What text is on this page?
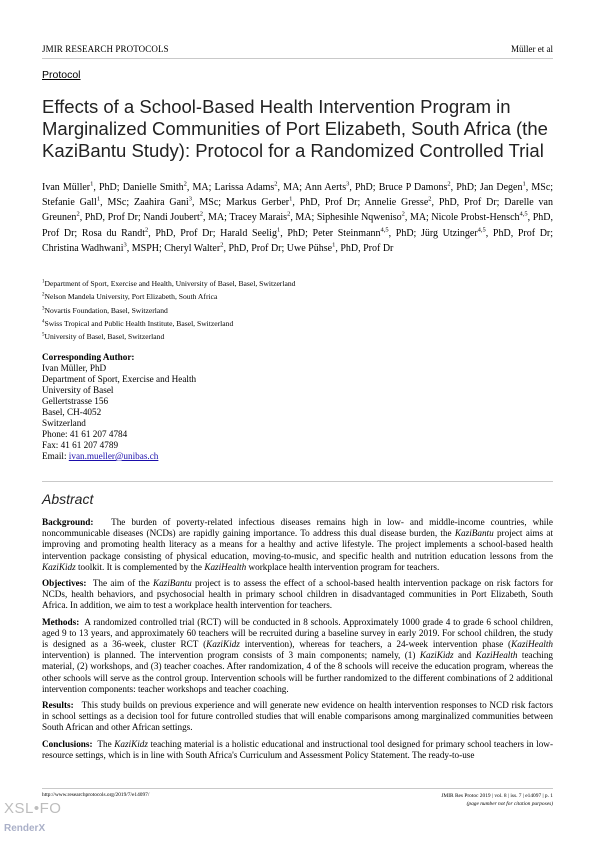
JMIR RESEARCH PROTOCOLS	Müller et al
Protocol
Effects of a School-Based Health Intervention Program in Marginalized Communities of Port Elizabeth, South Africa (the KaziBantu Study): Protocol for a Randomized Controlled Trial
Ivan Müller$^1$, PhD; Danielle Smith$^2$, MA; Larissa Adams$^2$, MA; Ann Aerts$^3$, PhD; Bruce P Damons$^2$, PhD; Jan Degen$^1$, MSc; Stefanie Gall$^1$, MSc; Zaahira Gani$^3$, MSc; Markus Gerber$^1$, PhD, Prof Dr; Annelie Gresse$^2$, PhD, Prof Dr; Darelle van Greunen$^2$, PhD, Prof Dr; Nandi Joubert$^2$, MA; Tracey Marais$^2$, MA; Siphesihle Nqweniso$^2$, MA; Nicole Probst-Hensch$^{4,5}$, PhD, Prof Dr; Rosa du Randt$^2$, PhD, Prof Dr; Harald Seelig$^1$, PhD; Peter Steinmann$^{4,5}$, PhD; Jürg Utzinger$^{4,5}$, PhD, Prof Dr; Christina Wadhwani$^3$, MSPH; Cheryl Walter$^2$, PhD, Prof Dr; Uwe Pühse$^1$, PhD, Prof Dr
$^1$Department of Sport, Exercise and Health, University of Basel, Basel, Switzerland
$^2$Nelson Mandela University, Port Elizabeth, South Africa
$^3$Novartis Foundation, Basel, Switzerland
$^4$Swiss Tropical and Public Health Institute, Basel, Switzerland
$^5$University of Basel, Basel, Switzerland
Corresponding Author:
Ivan Müller, PhD
Department of Sport, Exercise and Health
University of Basel
Gellertstrasse 156
Basel, CH-4052
Switzerland
Phone: 41 61 207 4784
Fax: 41 61 207 4789
Email: ivan.mueller@unibas.ch
Abstract

Background:   The burden of poverty-related infectious diseases remains high in low- and middle-income countries, while noncommunicable diseases (NCDs) are rapidly gaining importance. To address this dual disease burden, the KaziBantu project aims at improving and promoting health literacy as a means for a healthy and active lifestyle. The project implements a school-based health intervention package consisting of physical education, moving-to-music, and specific health and nutrition education lessons from the KaziKidz toolkit. It is complemented by the KaziHealth workplace health intervention program for teachers.

Objectives:  The aim of the KaziBantu project is to assess the effect of a school-based health intervention package on risk factors for NCDs, health behaviors, and psychosocial health in primary school children in disadvantaged communities in Port Elizabeth, South Africa. In addition, we aim to test a workplace health intervention for teachers.

Methods:  A randomized controlled trial (RCT) will be conducted in 8 schools. Approximately 1000 grade 4 to grade 6 school children, aged 9 to 13 years, and approximately 60 teachers will be recruited during a baseline survey in early 2019. For school children, the study is designed as a 36-week, cluster RCT (KaziKidz intervention), whereas for teachers, a 24-week intervention phase (KaziHealth intervention) is planned. The intervention program consists of 3 main components; namely, (1) KaziKidz and KaziHealth teaching material, (2) workshops, and (3) teacher coaches. After randomization, 4 of the 8 schools will receive the education program, whereas the other schools will serve as the control group. Intervention schools will be further randomized to the different combinations of 2 additional intervention components: teacher workshops and teacher coaching.

Results: This study builds on previous experience and will generate new evidence on health intervention responses to NCD risk factors in school settings as a decision tool for future controlled studies that will enable comparisons among marginalized communities between South African and other African settings.

Conclusions:  The KaziKidz teaching material is a holistic educational and instructional tool designed for primary school teachers in low-resource settings, which is in line with South Africa's Curriculum and Assessment Policy Statement. The ready-to-use

http://www.researchprotocols.org/2019/7/e14097/	JMIR Res Protoc 2019 | vol. 8 | iss. 7 | e14097 | p. 1
(page number not for citation purposes)
XSL•FO
RenderX
